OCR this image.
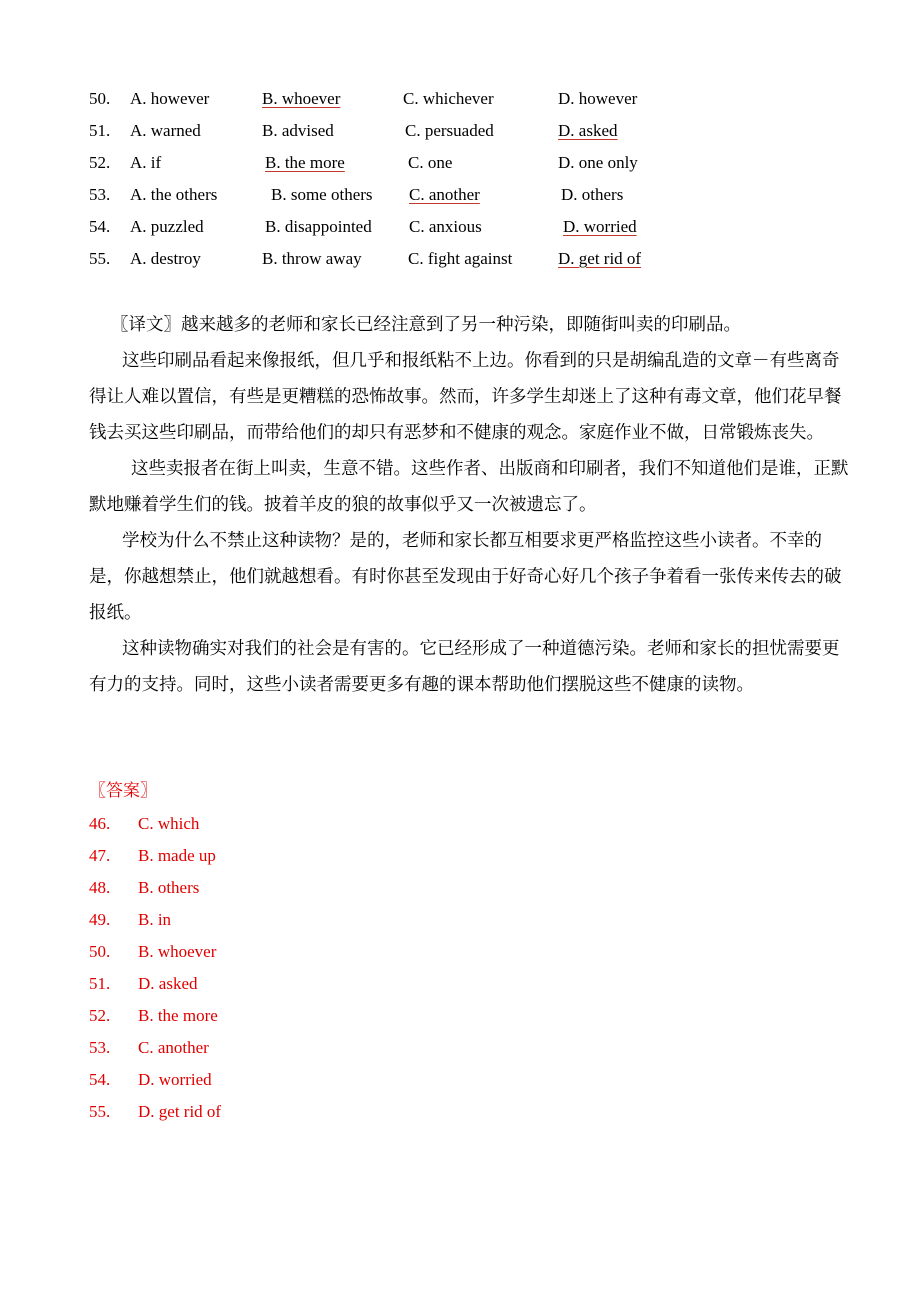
50. A. however	B. whoever	C. whichever	D. however
51. A. warned	B. advised	C. persuaded	D. asked
52. A. if	B. the more	C. one	D. one only
53. A. the others	B. some others C. another	D. others
54. A. puzzled	B. disappointed C. anxious	D. worried
55. A. destroy	B. throw away	C. fight against	D. get rid of

〖译文〗越来越多的老师和家长已经注意到了另一种污染，即随街叫卖的印刷品。

这些印刷品看起来像报纸，但几乎和报纸粘不上边。你看到的只是胡编乱造的文章－有些离奇得让人难以置信，有些是更糟糕的恐怖故事。然而，许多学生却迷上了这种有毒文章，他们花早餐钱去买这些印刷品，而带给他们的却只有恶梦和不健康的观念。家庭作业不做，日常锻炼丧失。

这些卖报者在街上叫卖，生意不错。这些作者、出版商和印刷者，我们不知道他们是谁，正默默地赚着学生们的钱。披着羊皮的狼的故事似乎又一次被遗忘了。

学校为什么不禁止这种读物？是的，老师和家长都互相要求更严格监控这些小读者。不幸的是，你越想禁止，他们就越想看。有时你甚至发现由于好奇心好几个孩子争着看一张传来传去的破报纸。

这种读物确实对我们的社会是有害的。它已经形成了一种道德污染。老师和家长的担忧需要更有力的支持。同时，这些小读者需要更多有趣的课本帮助他们摆脱这些不健康的读物。

〖答案〗
46. C. which
47. B. made up
48. B. others
49. B. in
50. B. whoever
51. D. asked
52. B. the more
53. C. another
54. D. worried
55. D. get rid of
